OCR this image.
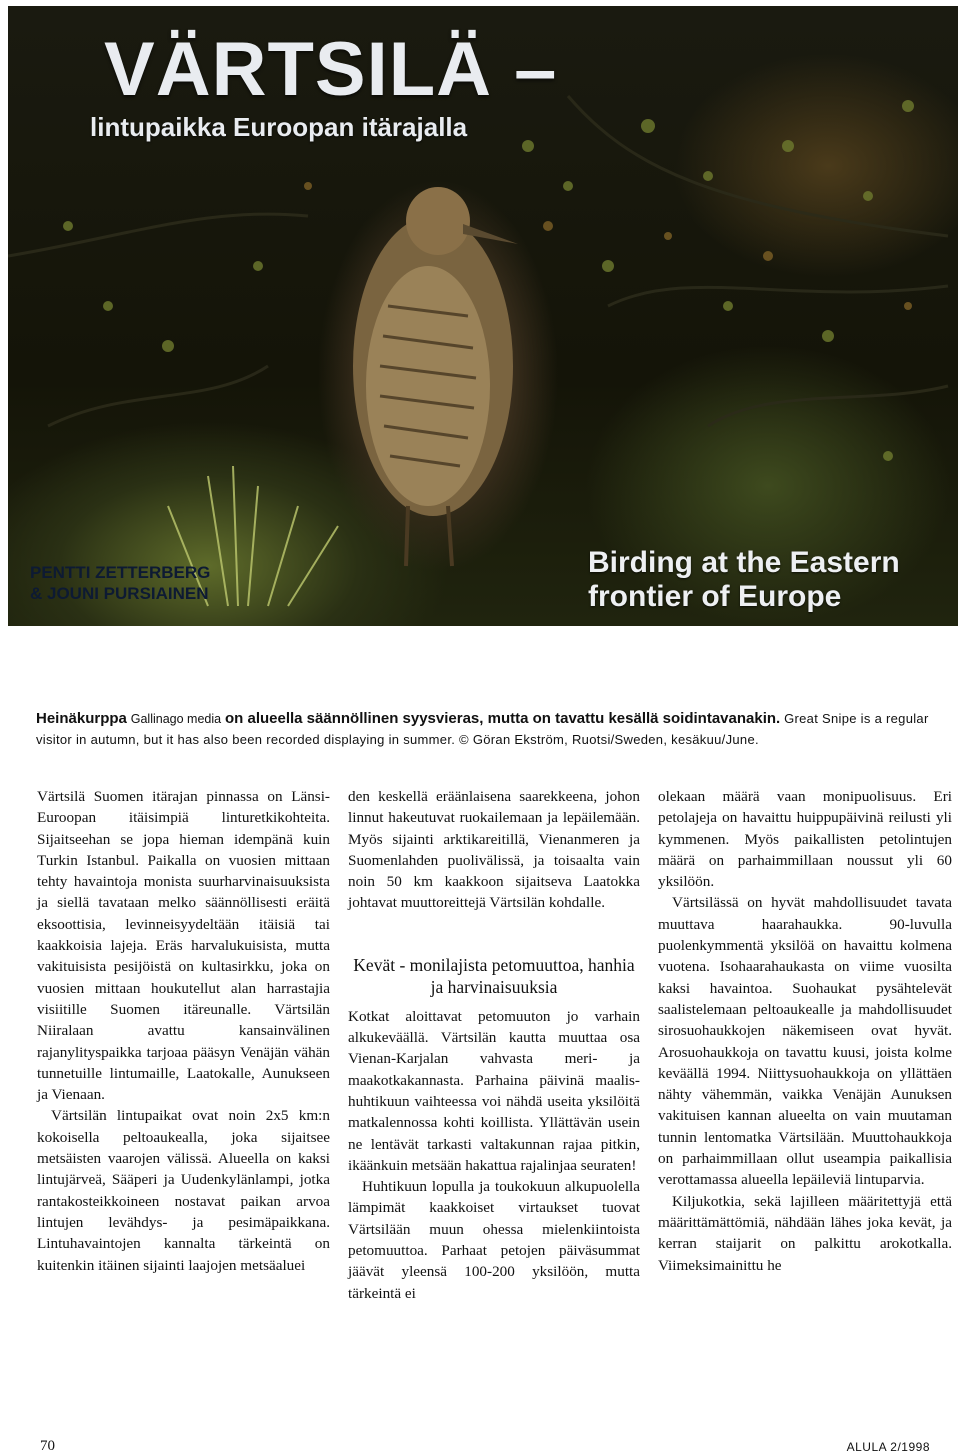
VÄRTSILÄ –
lintupaikka Euroopan itärajalla
PENTTI ZETTERBERG
& JOUNI PURSIAINEN
Birding at the Eastern
frontier of Europe
Heinäkurppa Gallinago media on alueella säännöllinen syysvieras, mutta on tavattu kesällä soidintavanakin. Great Snipe is a regular visitor in autumn, but it has also been recorded displaying in summer. © Göran Ekström, Ruotsi/Sweden, kesäkuu/June.

Värtsilä Suomen itärajan pinnassa on Länsi-Euroopan itäisimpiä linturetkikohteita. Sijaitseehan se jopa hieman idempänä kuin Turkin Istanbul. Paikalla on vuosien mittaan tehty havaintoja monista suurharvinaisuuksista ja siellä tavataan melko säännöllisesti eräitä eksoottisia, levinneisyydeltään itäisiä tai kaakkoisia lajeja. Eräs harvalukuisista, mutta vakituisista pesijöistä on kultasirkku, joka on vuosien mittaan houkutellut alan harrastajia visiitille Suomen itäreunalle. Värtsilän Niiralaan avattu kansainvälinen rajanylityspaikka tarjoaa pääsyn Venäjän vähän tunnetuille lintumaille, Laatokalle, Aunukseen ja Vienaan.

Värtsilän lintupaikat ovat noin 2x5 km:n kokoisella peltoaukealla, joka sijaitsee metsäisten vaarojen välissä. Alueella on kaksi lintujärveä, Sääperi ja Uudenkylänlampi, jotka rantakosteikkoineen nostavat paikan arvoa lintujen levähdys- ja pesimäpaikkana. Lintuhavaintojen kannalta tärkeintä on kuitenkin itäinen sijainti laajojen metsäaluei

den keskellä eräänlaisena saarekkeena, johon linnut hakeutuvat ruokailemaan ja lepäilemään. Myös sijainti arktikareitillä, Vienanmeren ja Suomenlahden puolivälissä, ja toisaalta vain noin 50 km kaakkoon sijaitseva Laatokka johtavat muuttoreittejä Värtsilän kohdalle.

Kevät - monilajista petomuuttoa, hanhia ja harvinaisuuksia

Kotkat aloittavat petomuuton jo varhain alkukeväällä. Värtsilän kautta muuttaa osa Vienan-Karjalan vahvasta meri- ja maakotkakannasta. Parhaina päivinä maalis-huhtikuun vaihteessa voi nähdä useita yksilöitä matkalennossa kohti koillista. Yllättävän usein ne lentävät tarkasti valtakunnan rajaa pitkin, ikäänkuin metsään hakattua rajalinjaa seuraten!

Huhtikuun lopulla ja toukokuun alkupuolella lämpimät kaakkoiset virtaukset tuovat Värtsilään muun ohessa mielenkiintoista petomuuttoa. Parhaat petojen päiväsummat jäävät yleensä 100-200 yksilöön, mutta tärkeintä ei

olekaan määrä vaan monipuolisuus. Eri petolajeja on havaittu huippupäivinä reilusti yli kymmenen. Myös paikallisten petolintujen määrä on parhaimmillaan noussut yli 60 yksilöön.

Värtsilässä on hyvät mahdollisuudet tavata muuttava haarahaukka. 90-luvulla puolenkymmentä yksilöä on havaittu kolmena vuotena. Isohaarahaukasta on viime vuosilta kaksi havaintoa. Suohaukat pysähtelevät saalistelemaan peltoaukealle ja mahdollisuudet sirosuohaukkojen näkemiseen ovat hyvät. Arosuohaukkoja on tavattu kuusi, joista kolme keväällä 1994. Niittysuohaukkoja on yllättäen nähty vähemmän, vaikka Venäjän Aunuksen vakituisen kannan alueelta on vain muutaman tunnin lentomatka Värtsilään. Muuttohaukkoja on parhaimmillaan ollut useampia paikallisia verottamassa alueella lepäileviä lintuparvia.

Kiljukotkia, sekä lajilleen määritettyjä että määrittämättömiä, nähdään lähes joka kevät, ja kerran staijarit on palkittu arokotkalla. Viimeksimainittu he

70	ALULA 2/1998
